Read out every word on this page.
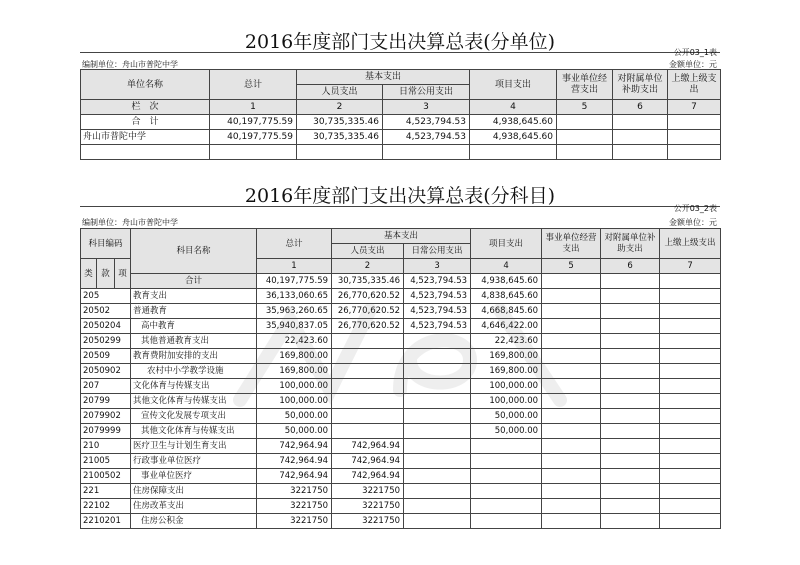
2016年度部门支出决算总表(分单位)	公开03_1表
编制单位：舟山市普陀中学	金额单位：元
单位名称	总计	基本支出		项目支出	事业单位经营支出	对附属单位补助支出	上缴上级支出
		人员支出	日常公用支出				
栏　次	1	2	3	4	5	6	7
合　计	40,197,775.59	30,735,335.46	4,523,794.53	4,938,645.60			
舟山市普陀中学	40,197,775.59	30,735,335.46	4,523,794.53	4,938,645.60			

2016年度部门支出决算总表(分科目)
公开03_2表
编制单位：舟山市普陀中学	金额单位：元
科目编码			科目名称	总计	基本支出		项目支出	事业单位经营支出	对附属单位补助支出	上缴上级支出
					人员支出	日常公用支出				

类	款	项		1	2	3	4	5	6	7
			合计	40,197,775.59	30,735,335.46	4,523,794.53	4,938,645.60			
205			教育支出	36,133,060.65	26,770,620.52	4,523,794.53	4,838,645.60			
20502			普通教育	35,963,260.65	26,770,620.52	4,523,794.53	4,668,845.60			
2050204			高中教育	35,940,837.05	26,770,620.52	4,523,794.53	4,646,422.00			
2050299			其他普通教育支出	22,423.60			22,423.60			
20509			教育费附加安排的支出	169,800.00			169,800.00			
2050902			农村中小学教学设施	169,800.00			169,800.00			
207			文化体育与传媒支出	100,000.00			100,000.00			
20799			其他文化体育与传媒支出	100,000.00			100,000.00			
2079902			宣传文化发展专项支出	50,000.00			50,000.00			
2079999			其他文化体育与传媒支出	50,000.00			50,000.00			
210			医疗卫生与计划生育支出	742,964.94	742,964.94					
21005			行政事业单位医疗	742,964.94	742,964.94					
2100502			事业单位医疗	742,964.94	742,964.94					
221			住房保障支出	3221750	3221750					
22102			住房改革支出	3221750	3221750					
2210201			住房公积金	3221750	3221750					
